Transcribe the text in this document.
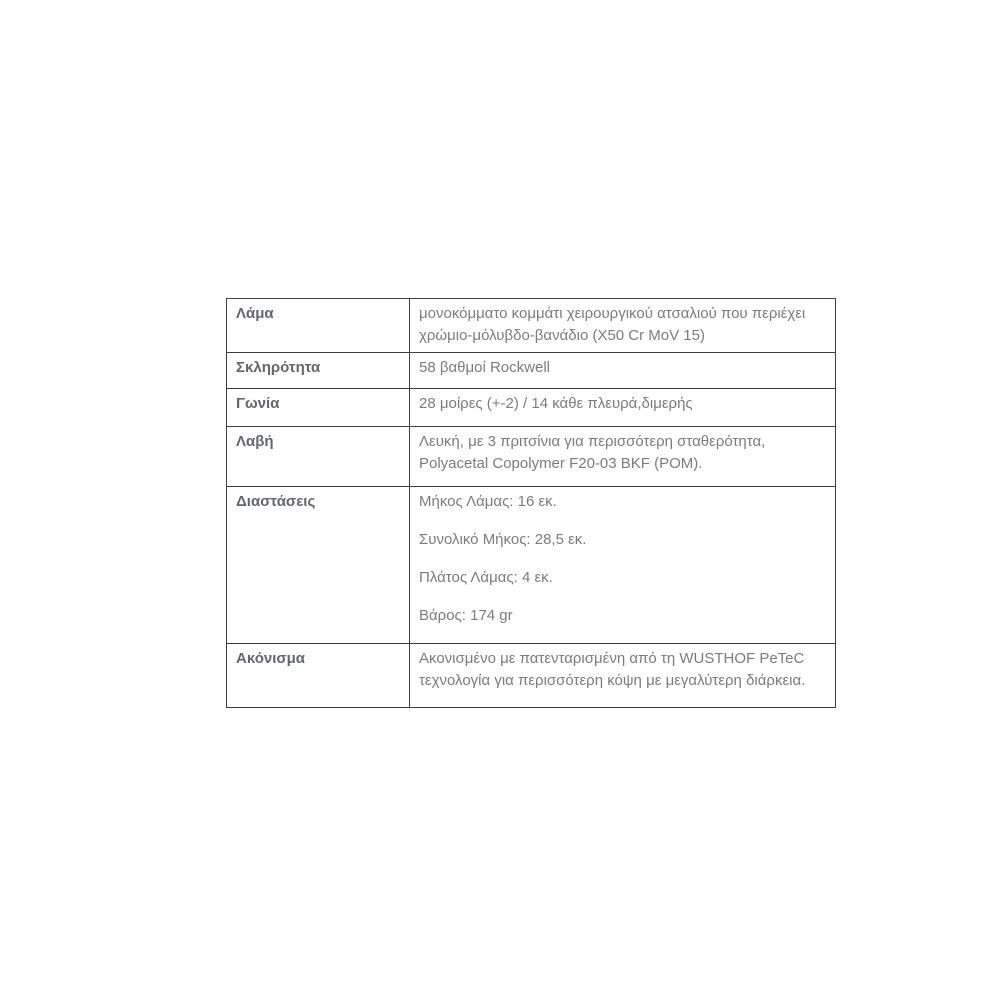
Λάμα	μονοκόμματο κομμάτι χειρουργικού ατσαλιού που περιέχει

χρώμιο-μόλυβδο-βανάδιο (X50 Cr MoV 15)

Σκληρότητα	58 βαθμοί Rockwell

Γωνία	28 μοίρες (+-2) / 14 κάθε πλευρά,διμερής

Λαβή	Λευκή, με 3 πριτσίνια για περισσότερη σταθερότητα,

Polyacetal Copolymer F20-03 BKF (POM).

Διαστάσεις	Μήκος Λάμας: 16 εκ.

Συνολικό Μήκος: 28,5 εκ.

Πλάτος Λάμας: 4 εκ.

Βάρος: 174 gr

Ακόνισμα	Ακονισμένο με πατενταρισμένη από τη WUSTHOF PeTeC

τεχνολογία για περισσότερη κόψη με μεγαλύτερη διάρκεια.
